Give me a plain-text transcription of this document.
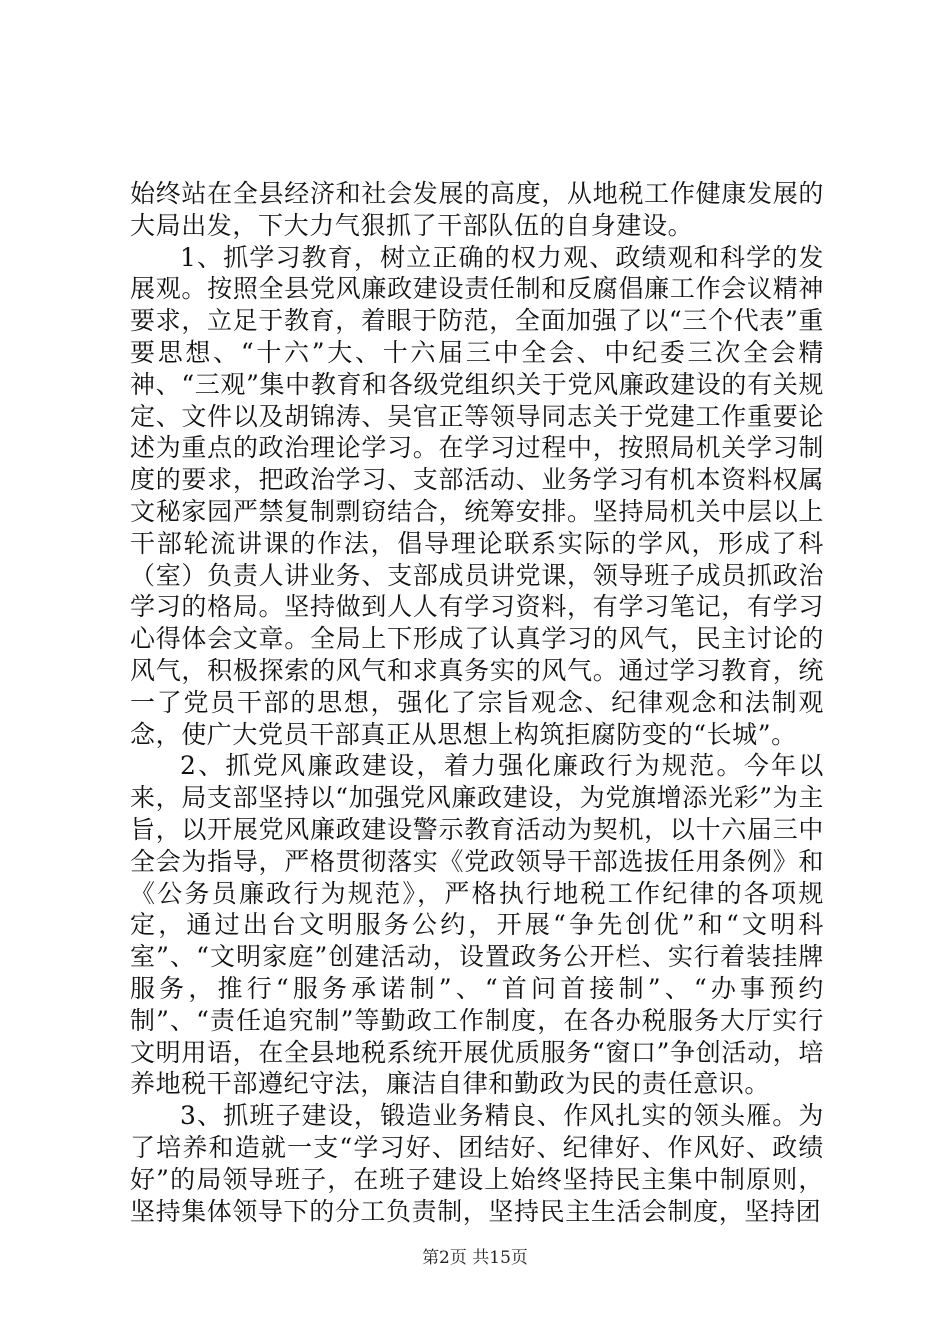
始终站在全县经济和社会发展的高度，从地税工作健康发展的大局出发，下大力气狠抓了干部队伍的自身建设。

1、抓学习教育，树立正确的权力观、政绩观和科学的发展观。按照全县党风廉政建设责任制和反腐倡廉工作会议精神要求，立足于教育，着眼于防范，全面加强了以“三个代表”重要思想、“十六”大、十六届三中全会、中纪委三次全会精神、“三观”集中教育和各级党组织关于党风廉政建设的有关规定、文件以及胡锦涛、吴官正等领导同志关于党建工作重要论述为重点的政治理论学习。在学习过程中，按照局机关学习制度的要求，把政治学习、支部活动、业务学习有机本资料权属文秘家园严禁复制剽窃结合，统筹安排。坚持局机关中层以上干部轮流讲课的作法，倡导理论联系实际的学风，形成了科（室）负责人讲业务、支部成员讲党课，领导班子成员抓政治学习的格局。坚持做到人人有学习资料，有学习笔记，有学习心得体会文章。全局上下形成了认真学习的风气，民主讨论的风气，积极探索的风气和求真务实的风气。通过学习教育，统一了党员干部的思想，强化了宗旨观念、纪律观念和法制观念，使广大党员干部真正从思想上构筑拒腐防变的“长城”。

2、抓党风廉政建设，着力强化廉政行为规范。今年以来，局支部坚持以“加强党风廉政建设，为党旗增添光彩”为主旨，以开展党风廉政建设警示教育活动为契机，以十六届三中全会为指导，严格贯彻落实《党政领导干部选拔任用条例》和《公务员廉政行为规范》，严格执行地税工作纪律的各项规定，通过出台文明服务公约，开展“争先创优”和“文明科室”、“文明家庭”创建活动，设置政务公开栏、实行着装挂牌服务，推行“服务承诺制”、“首问首接制”、“办事预约制”、“责任追究制”等勤政工作制度，在各办税服务大厅实行文明用语，在全县地税系统开展优质服务“窗口”争创活动，培养地税干部遵纪守法，廉洁自律和勤政为民的责任意识。

3、抓班子建设，锻造业务精良、作风扎实的领头雁。为了培养和造就一支“学习好、团结好、纪律好、作风好、政绩好”的局领导班子，在班子建设上始终坚持民主集中制原则，坚持集体领导下的分工负责制，坚持民主生活会制度，坚持团

第2页 共15页
